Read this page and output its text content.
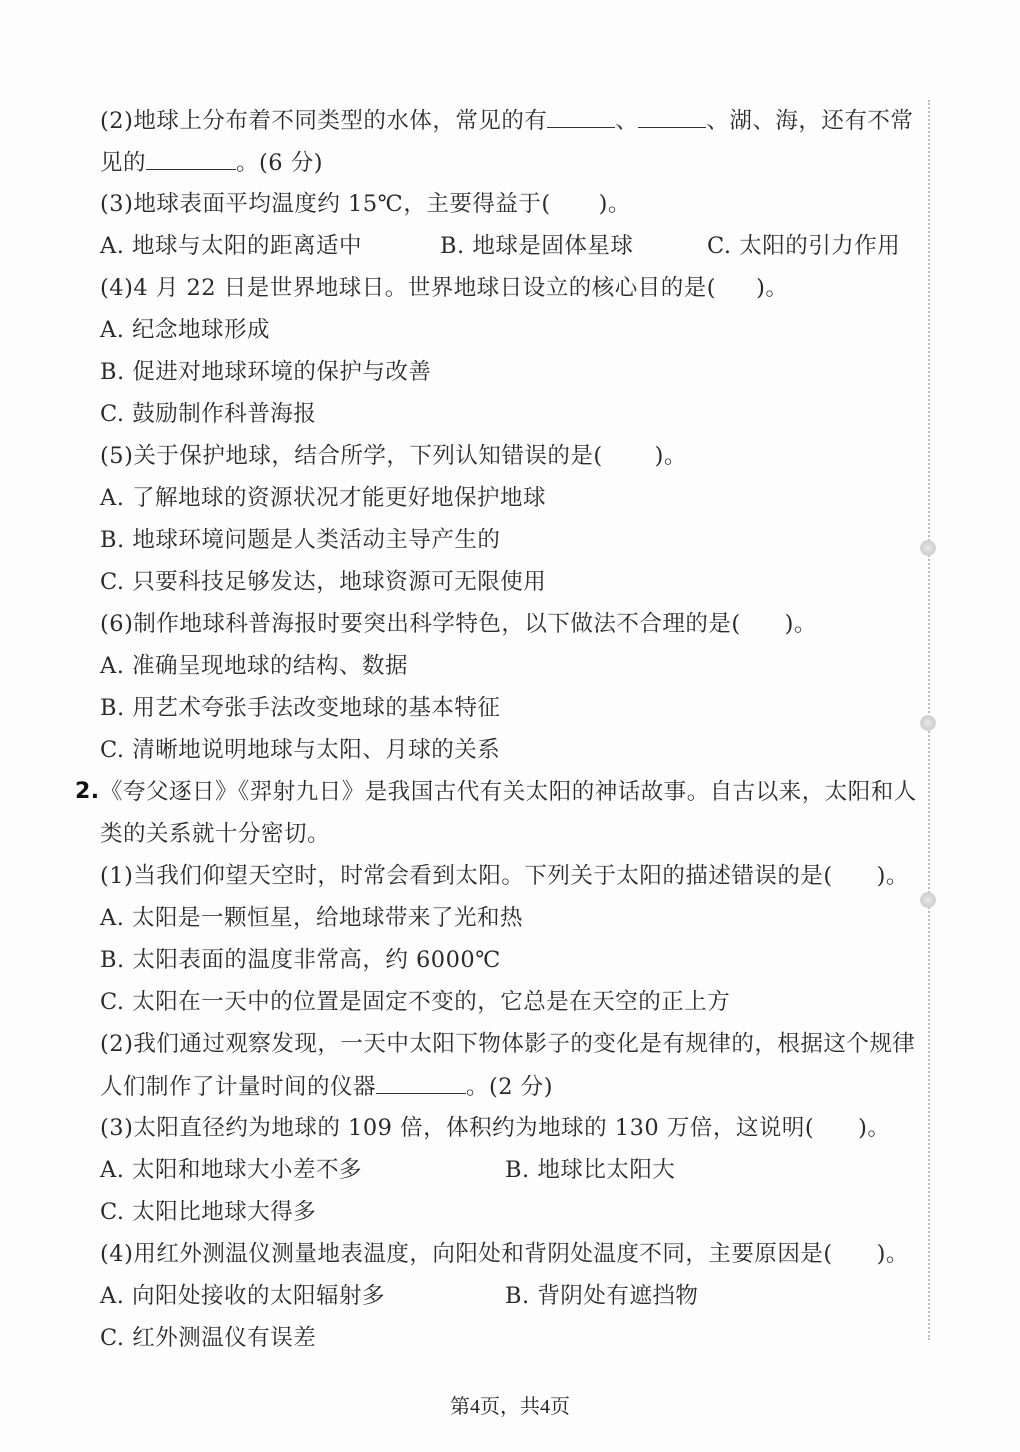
(2)地球上分布着不同类型的水体，常见的有	、	、湖、海，还有不常
见的	。(6 分)
(3)地球表面平均温度约 15℃，主要得益于( )。
A. 地球与太阳的距离适中	B. 地球是固体星球	C. 太阳的引力作用
(4)4 月 22 日是世界地球日。世界地球日设立的核心目的是( )。
A. 纪念地球形成
B. 促进对地球环境的保护与改善
C. 鼓励制作科普海报
(5)关于保护地球，结合所学，下列认知错误的是( )。
A. 了解地球的资源状况才能更好地保护地球
B. 地球环境问题是人类活动主导产生的
C. 只要科技足够发达，地球资源可无限使用
(6)制作地球科普海报时要突出科学特色，以下做法不合理的是( )。
A. 准确呈现地球的结构、数据
B. 用艺术夸张手法改变地球的基本特征
C. 清晰地说明地球与太阳、月球的关系
2. 《夸父逐日》《羿射九日》是我国古代有关太阳的神话故事。自古以来，太阳和人
类的关系就十分密切。
(1)当我们仰望天空时，时常会看到太阳。下列关于太阳的描述错误的是( )。
A. 太阳是一颗恒星，给地球带来了光和热
B. 太阳表面的温度非常高，约 6000℃
C. 太阳在一天中的位置是固定不变的，它总是在天空的正上方
(2)我们通过观察发现，一天中太阳下物体影子的变化是有规律的，根据这个规律
人们制作了计量时间的仪器	。(2 分)
(3)太阳直径约为地球的 109 倍，体积约为地球的 130 万倍，这说明( )。
A. 太阳和地球大小差不多	B. 地球比太阳大
C. 太阳比地球大得多
(4)用红外测温仪测量地表温度，向阳处和背阴处温度不同，主要原因是( )。
A. 向阳处接收的太阳辐射多	B. 背阴处有遮挡物
C. 红外测温仪有误差
第4页，共4页
